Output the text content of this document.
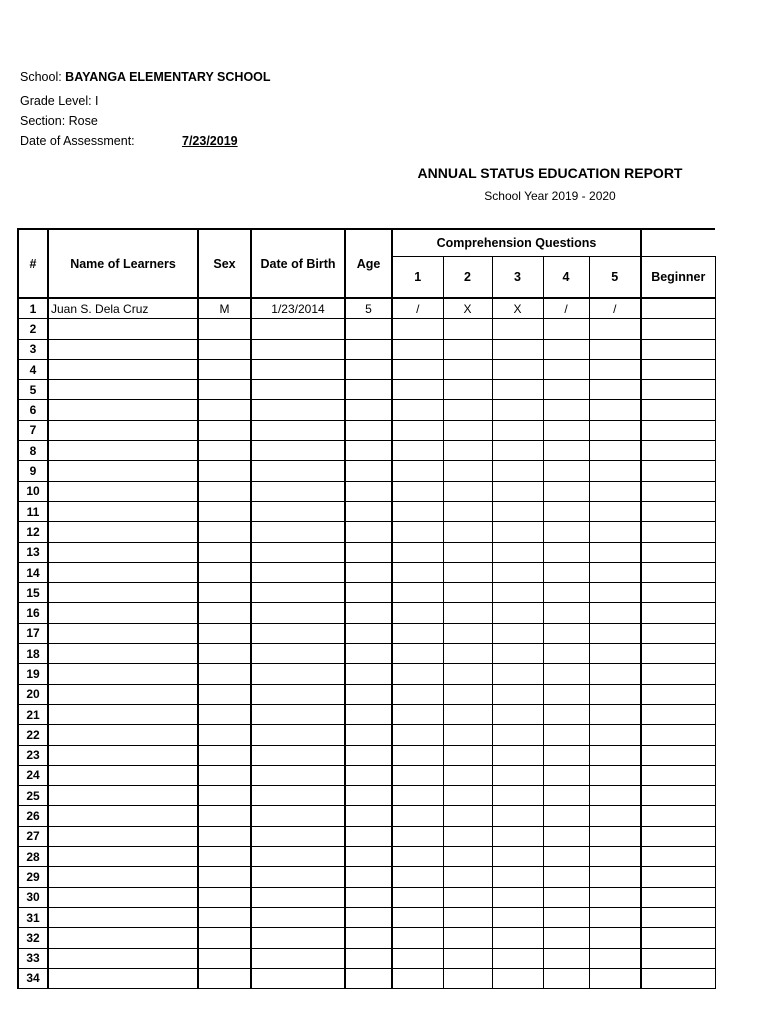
School: BAYANGA ELEMENTARY SCHOOL
Grade Level: I
Section: Rose
Date of Assessment:	7/23/2019
ANNUAL STATUS EDUCATION REPORT
School Year 2019 - 2020
#	Name of Learners	Sex	Date of Birth	Age	Comprehension Questions					
					1	2	3	4	5	Beginner
1	Juan S. Dela Cruz	M	1/23/2014	5	/	X	X	/	/	
2										
3										
4										
5										
6										
7										
8										
9										
10										
11										
12										
13										
14										
15										
16										
17										
18										
19										
20										
21										
22										
23										
24										
25										
26										
27										
28										
29										
30										
31										
32										
33										
34										
